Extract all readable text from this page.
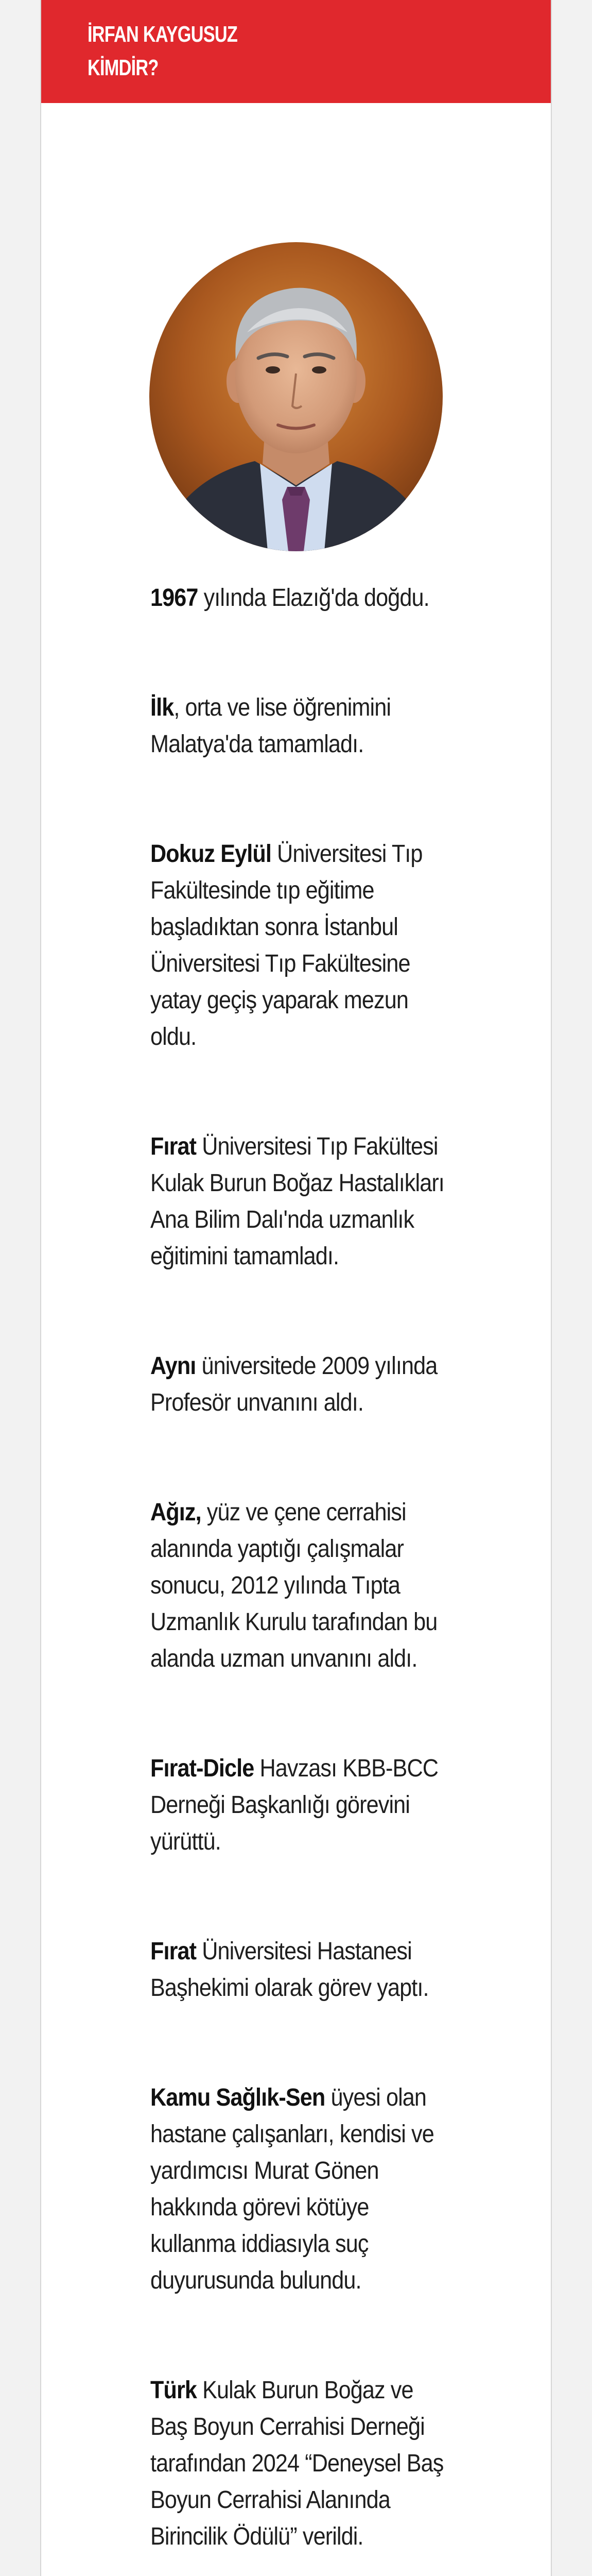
İRFAN KAYGUSUZ
KİMDİR?
1967 yılında Elazığ'da doğdu.
İlk, orta ve lise öğrenimini Malatya'da tamamladı.
Dokuz Eylül Üniversitesi Tıp Fakültesinde tıp eğitime başladıktan sonra İstanbul Üniversitesi Tıp Fakültesine yatay geçiş yaparak mezun oldu.
Fırat Üniversitesi Tıp Fakültesi Kulak Burun Boğaz Hastalıkları Ana Bilim Dalı'nda uzmanlık eğitimini tamamladı.
Aynı üniversitede 2009 yılında Profesör unvanını aldı.
Ağız, yüz ve çene cerrahisi alanında yaptığı çalışmalar sonucu, 2012 yılında Tıpta Uzmanlık Kurulu tarafından bu alanda uzman unvanını aldı.
Fırat-Dicle Havzası KBB-BCC Derneği Başkanlığı görevini yürüttü.
Fırat Üniversitesi Hastanesi Başhekimi olarak görev yaptı.
Kamu Sağlık-Sen üyesi olan hastane çalışanları, kendisi ve yardımcısı Murat Gönen hakkında görevi kötüye kullanma iddiasıyla suç duyurusunda bulundu.
Türk Kulak Burun Boğaz ve Baş Boyun Cerrahisi Derneği tarafından 2024 “Deneysel Baş Boyun Cerrahisi Alanında Birincilik Ödülü” verildi.
